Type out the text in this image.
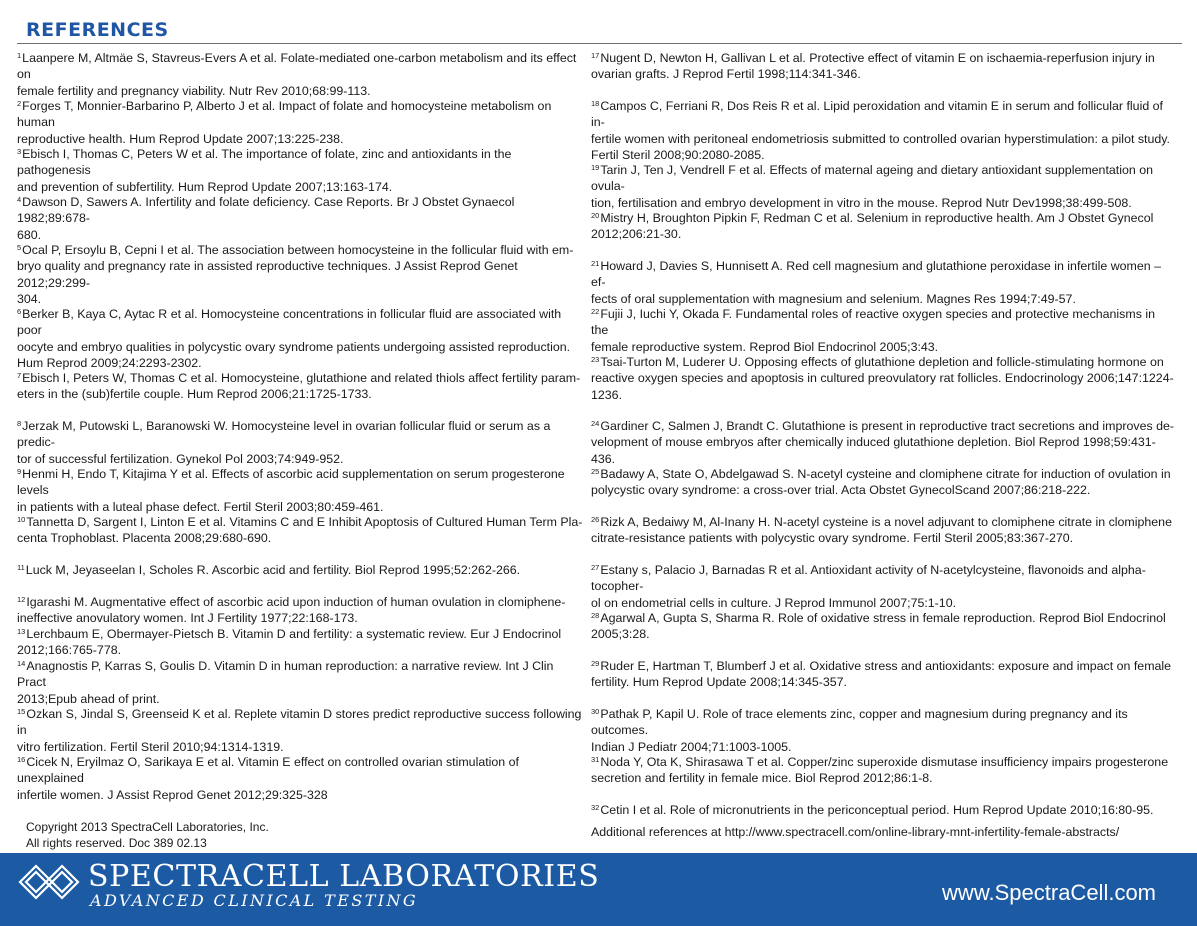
REFERENCES
$^1$Laanpere M, Altmäe S, Stavreus-Evers A et al. Folate-mediated one-carbon metabolism and its effect on
female fertility and pregnancy viability. Nutr Rev 2010;68:99-113.
$^2$Forges T, Monnier-Barbarino P, Alberto J et al. Impact of folate and homocysteine metabolism on human
reproductive health. Hum Reprod Update 2007;13:225-238.
$^3$Ebisch I, Thomas C, Peters W et al. The importance of folate, zinc and antioxidants in the pathogenesis
and prevention of subfertility. Hum Reprod Update 2007;13:163-174.
$^4$Dawson D, Sawers A. Infertility and folate deficiency. Case Reports. Br J Obstet Gynaecol 1982;89:678-
680.
$^5$Ocal P, Ersoylu B, Cepni I et al. The association between homocysteine in the follicular fluid with em-
bryo quality and pregnancy rate in assisted reproductive techniques. J Assist Reprod Genet 2012;29:299-
304.
$^6$Berker B, Kaya C, Aytac R et al. Homocysteine concentrations in follicular fluid are associated with poor
oocyte and embryo qualities in polycystic ovary syndrome patients undergoing assisted reproduction.
Hum Reprod 2009;24:2293-2302.
$^7$Ebisch I, Peters W, Thomas C et al. Homocysteine, glutathione and related thiols affect fertility param-
eters in the (sub)fertile couple. Hum Reprod 2006;21:1725-1733.
$^8$Jerzak M, Putowski L, Baranowski W. Homocysteine level in ovarian follicular fluid or serum as a predic-
tor of successful fertilization. Gynekol Pol 2003;74:949-952.
$^9$Henmi H, Endo T, Kitajima Y et al. Effects of ascorbic acid supplementation on serum progesterone levels
in patients with a luteal phase defect. Fertil Steril 2003;80:459-461.
$^{10}$Tannetta D, Sargent I, Linton E et al. Vitamins C and E Inhibit Apoptosis of Cultured Human Term Pla-
centa Trophoblast. Placenta 2008;29:680-690.
$^{11}$Luck M, Jeyaseelan I, Scholes R. Ascorbic acid and fertility. Biol Reprod 1995;52:262-266.
$^{12}$Igarashi M. Augmentative effect of ascorbic acid upon induction of human ovulation in clomiphene-
ineffective anovulatory women. Int J Fertility 1977;22:168-173.
$^{13}$Lerchbaum E, Obermayer-Pietsch B. Vitamin D and fertility: a systematic review. Eur J Endocrinol
2012;166:765-778.
$^{14}$Anagnostis P, Karras S, Goulis D. Vitamin D in human reproduction: a narrative review. Int J Clin Pract
2013;Epub ahead of print.
$^{15}$Ozkan S, Jindal S, Greenseid K et al. Replete vitamin D stores predict reproductive success following in
vitro fertilization. Fertil Steril 2010;94:1314-1319.
$^{16}$Cicek N, Eryilmaz O, Sarikaya E et al. Vitamin E effect on controlled ovarian stimulation of unexplained
infertile women. J Assist Reprod Genet 2012;29:325-328
$^{17}$Nugent D, Newton H, Gallivan L et al. Protective effect of vitamin E on ischaemia-reperfusion injury in
ovarian grafts. J Reprod Fertil 1998;114:341-346.
$^{18}$Campos C, Ferriani R, Dos Reis R et al. Lipid peroxidation and vitamin E in serum and follicular fluid of in-
fertile women with peritoneal endometriosis submitted to controlled ovarian hyperstimulation: a pilot study.
Fertil Steril 2008;90:2080-2085.
$^{19}$Tarin J, Ten J, Vendrell F et al. Effects of maternal ageing and dietary antioxidant supplementation on ovula-
tion, fertilisation and embryo development in vitro in the mouse. Reprod Nutr Dev1998;38:499-508.
$^{20}$Mistry H, Broughton Pipkin F, Redman C et al. Selenium in reproductive health. Am J Obstet Gynecol
2012;206:21-30.
$^{21}$Howard J, Davies S, Hunnisett A. Red cell magnesium and glutathione peroxidase in infertile women – ef-
fects of oral supplementation with magnesium and selenium. Magnes Res 1994;7:49-57.
$^{22}$Fujii J, Iuchi Y, Okada F. Fundamental roles of reactive oxygen species and protective mechanisms in the
female reproductive system. Reprod Biol Endocrinol 2005;3:43.
$^{23}$Tsai-Turton M, Luderer U. Opposing effects of glutathione depletion and follicle-stimulating hormone on
reactive oxygen species and apoptosis in cultured preovulatory rat follicles. Endocrinology 2006;147:1224-
1236.
$^{24}$Gardiner C, Salmen J, Brandt C. Glutathione is present in reproductive tract secretions and improves de-
velopment of mouse embryos after chemically induced glutathione depletion. Biol Reprod 1998;59:431-436.
$^{25}$Badawy A, State O, Abdelgawad S. N-acetyl cysteine and clomiphene citrate for induction of ovulation in
polycystic ovary syndrome: a cross-over trial. Acta Obstet GynecolScand 2007;86:218-222.
$^{26}$Rizk A, Bedaiwy M, Al-Inany H. N-acetyl cysteine is a novel adjuvant to clomiphene citrate in clomiphene
citrate-resistance patients with polycystic ovary syndrome. Fertil Steril 2005;83:367-270.
$^{27}$Estany s, Palacio J, Barnadas R et al. Antioxidant activity of N-acetylcysteine, flavonoids and alpha-tocopher-
ol on endometrial cells in culture. J Reprod Immunol 2007;75:1-10.
$^{28}$Agarwal A, Gupta S, Sharma R. Role of oxidative stress in female reproduction. Reprod Biol Endocrinol
2005;3:28.
$^{29}$Ruder E, Hartman T, Blumberf J et al. Oxidative stress and antioxidants: exposure and impact on female
fertility. Hum Reprod Update 2008;14:345-357.
$^{30}$Pathak P, Kapil U. Role of trace elements zinc, copper and magnesium during pregnancy and its outcomes.
Indian J Pediatr 2004;71:1003-1005.
$^{31}$Noda Y, Ota K, Shirasawa T et al. Copper/zinc superoxide dismutase insufficiency impairs progesterone
secretion and fertility in female mice. Biol Reprod 2012;86:1-8.
$^{32}$Cetin I et al. Role of micronutrients in the periconceptual period. Hum Reprod Update 2010;16:80-95.
Copyright 2013 SpectraCell Laboratories, Inc.
All rights reserved. Doc 389 02.13
Additional references at http://www.spectracell.com/online-library-mnt-infertility-female-abstracts/
SPECTRACELL LABORATORIES
ADVANCED CLINICAL TESTING	www.SpectraCell.com
